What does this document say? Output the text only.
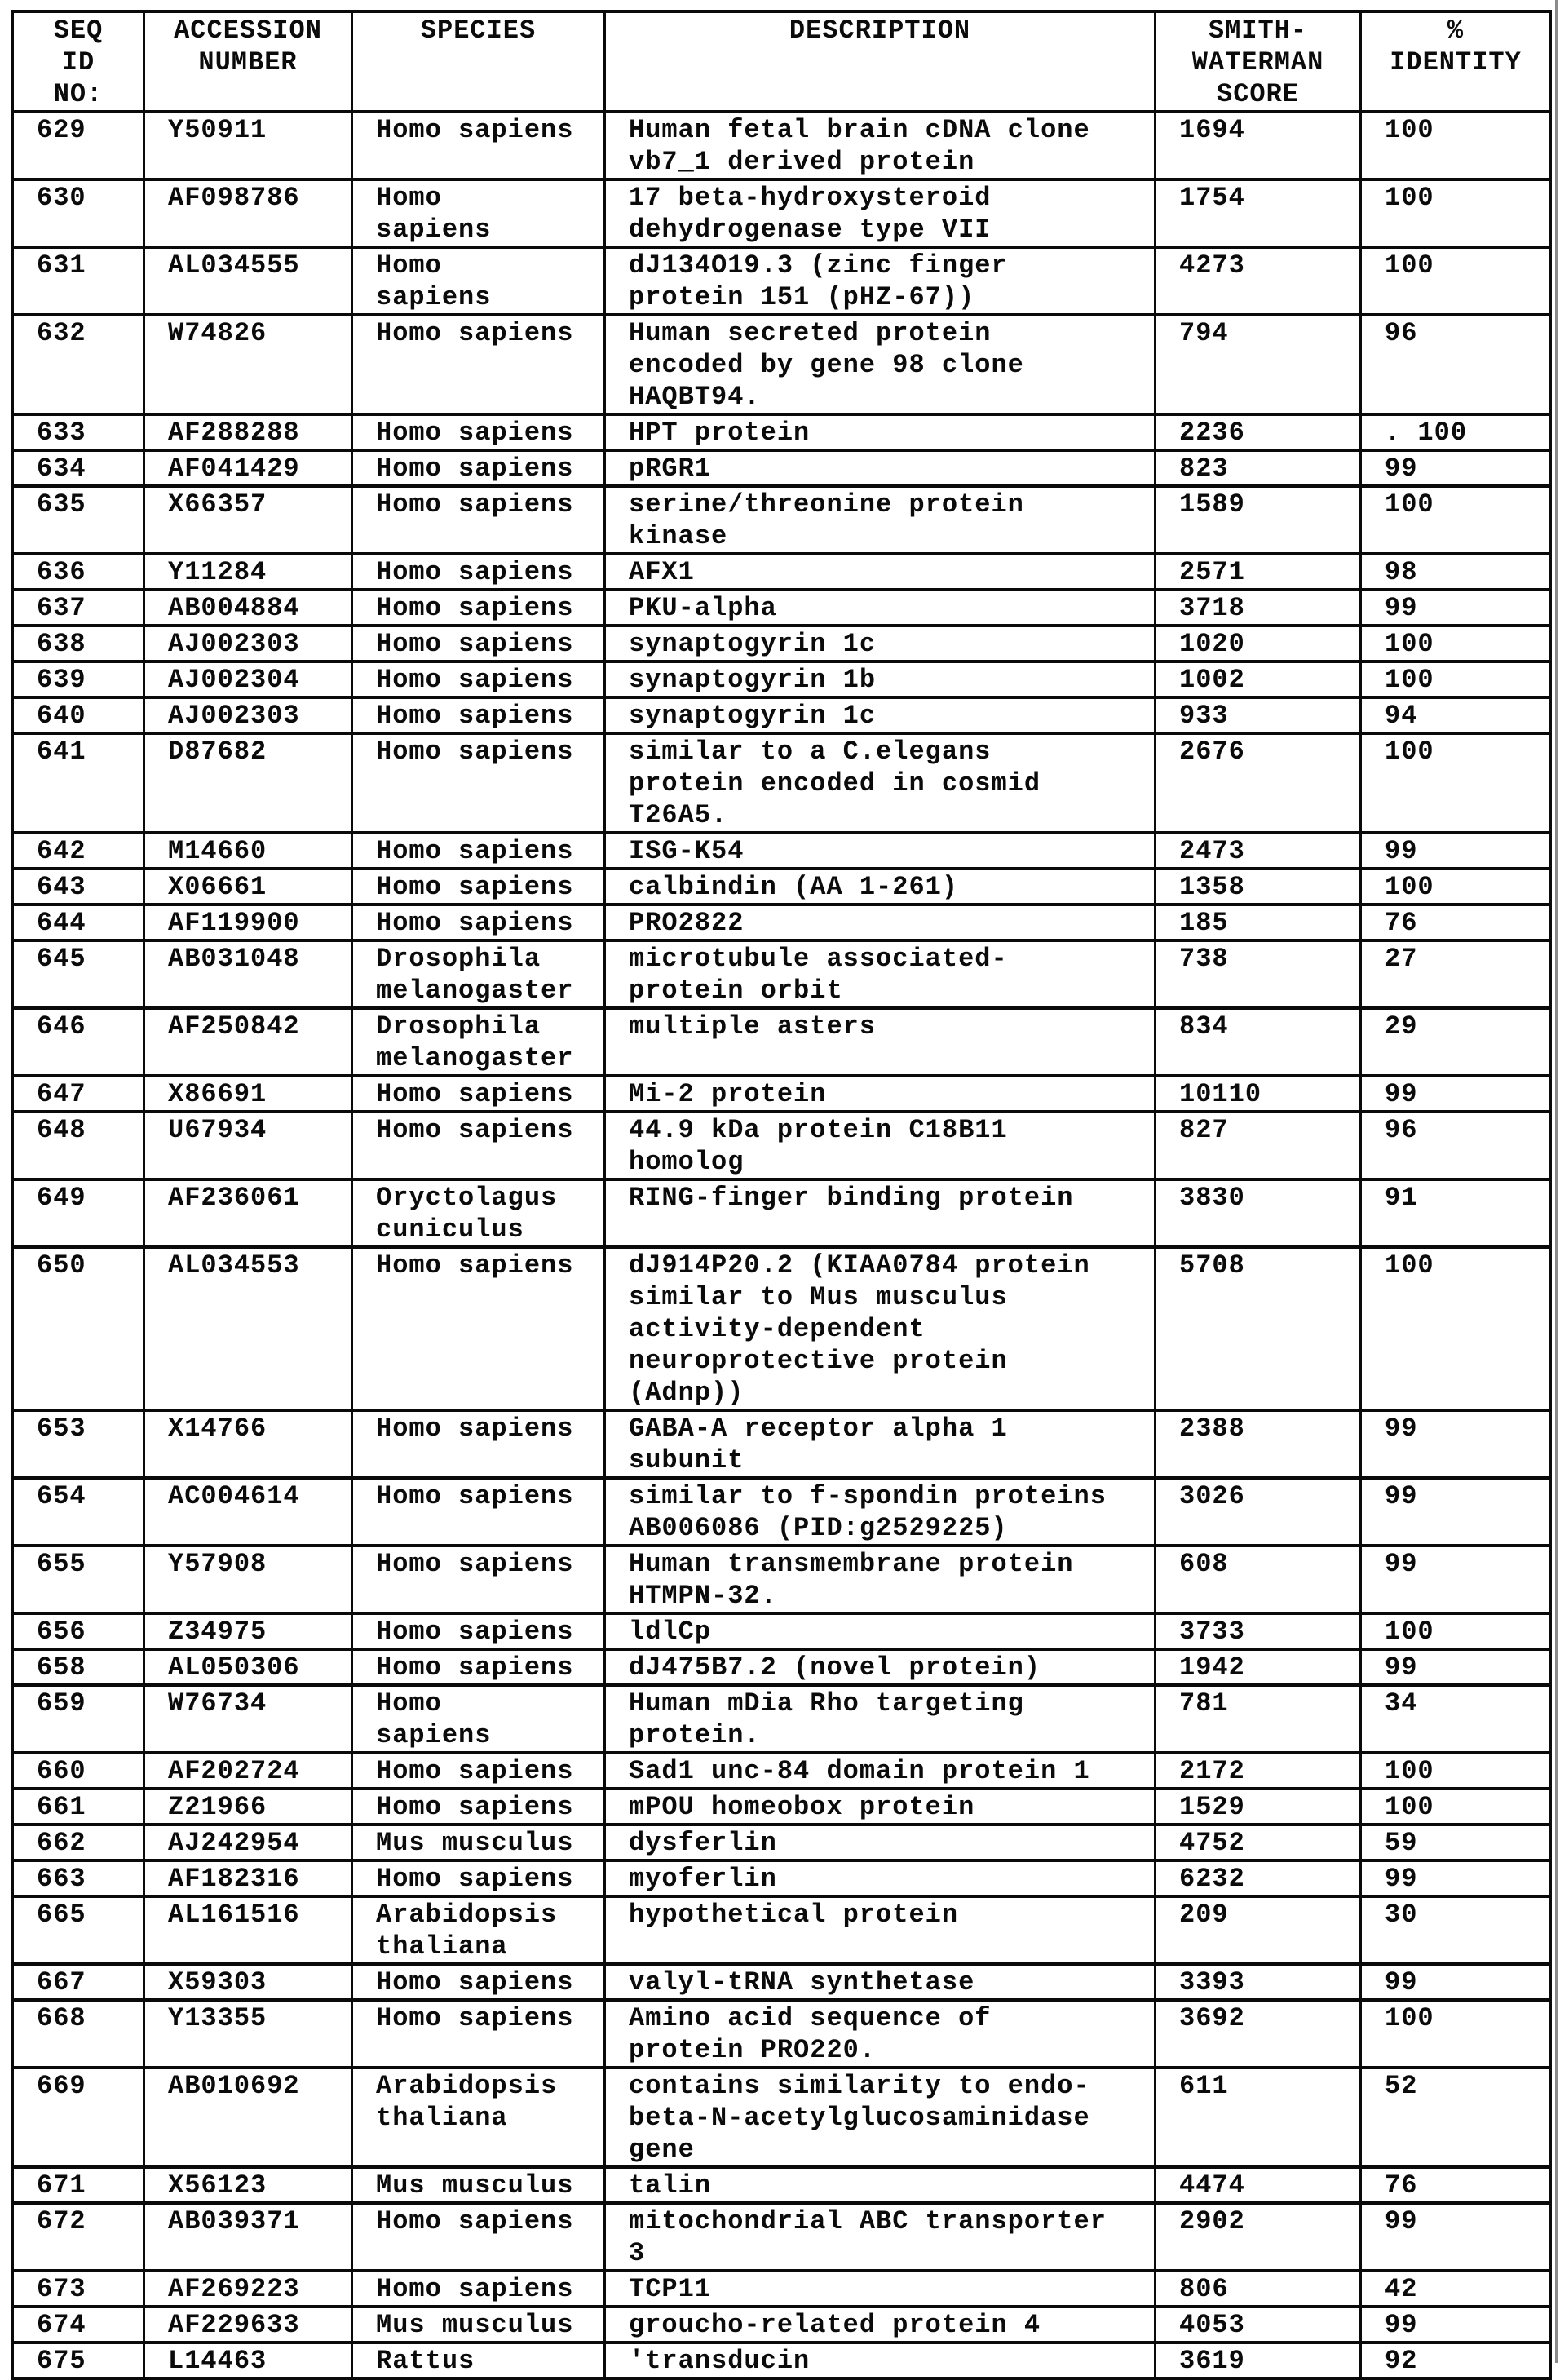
SEQ
ID
NO:	ACCESSION
NUMBER	SPECIES	DESCRIPTION	SMITH-
WATERMAN
SCORE	%
IDENTITY
629	Y50911	Homo sapiens	Human fetal brain cDNA clone
vb7_1 derived protein	1694	100
630	AF098786	Homo
sapiens	17 beta-hydroxysteroid
dehydrogenase type VII	1754	100
631	AL034555	Homo
sapiens	dJ134O19.3 (zinc finger
protein 151 (pHZ-67))	4273	100
632	W74826	Homo sapiens	Human secreted protein
encoded by gene 98 clone
HAQBT94.	794	96
633	AF288288	Homo sapiens	HPT protein	2236	. 100
634	AF041429	Homo sapiens	pRGR1	823	99
635	X66357	Homo sapiens	serine/threonine protein
kinase	1589	100
636	Y11284	Homo sapiens	AFX1	2571	98
637	AB004884	Homo sapiens	PKU-alpha	3718	99
638	AJ002303	Homo sapiens	synaptogyrin 1c	1020	100
639	AJ002304	Homo sapiens	synaptogyrin 1b	1002	100
640	AJ002303	Homo sapiens	synaptogyrin 1c	933	94
641	D87682	Homo sapiens	similar to a C.elegans
protein encoded in cosmid
T26A5.	2676	100
642	M14660	Homo sapiens	ISG-K54	2473	99
643	X06661	Homo sapiens	calbindin (AA 1-261)	1358	100
644	AF119900	Homo sapiens	PRO2822	185	76
645	AB031048	Drosophila
melanogaster	microtubule associated-
protein orbit	738	27
646	AF250842	Drosophila
melanogaster	multiple asters	834	29
647	X86691	Homo sapiens	Mi-2 protein	10110	99
648	U67934	Homo sapiens	44.9 kDa protein C18B11
homolog	827	96
649	AF236061	Oryctolagus
cuniculus	RING-finger binding protein	3830	91
650	AL034553	Homo sapiens	dJ914P20.2 (KIAA0784 protein
similar to Mus musculus
activity-dependent
neuroprotective protein
(Adnp))	5708	100
653	X14766	Homo sapiens	GABA-A receptor alpha 1
subunit	2388	99
654	AC004614	Homo sapiens	similar to f-spondin proteins
AB006086 (PID:g2529225)	3026	99
655	Y57908	Homo sapiens	Human transmembrane protein
HTMPN-32.	608	99
656	Z34975	Homo sapiens	ldlCp	3733	100
658	AL050306	Homo sapiens	dJ475B7.2 (novel protein)	1942	99
659	W76734	Homo
sapiens	Human mDia Rho targeting
protein.	781	34
660	AF202724	Homo sapiens	Sad1 unc-84 domain protein 1	2172	100
661	Z21966	Homo sapiens	mPOU homeobox protein	1529	100
662	AJ242954	Mus musculus	dysferlin	4752	59
663	AF182316	Homo sapiens	myoferlin	6232	99
665	AL161516	Arabidopsis
thaliana	hypothetical protein	209	30
667	X59303	Homo sapiens	valyl-tRNA synthetase	3393	99
668	Y13355	Homo sapiens	Amino acid sequence of
protein PRO220.	3692	100
669	AB010692	Arabidopsis
thaliana	contains similarity to endo-
beta-N-acetylglucosaminidase
gene	611	52
671	X56123	Mus musculus	talin	4474	76
672	AB039371	Homo sapiens	mitochondrial ABC transporter
3	2902	99
673	AF269223	Homo sapiens	TCP11	806	42
674	AF229633	Mus musculus	groucho-related protein 4	4053	99
675	L14463	Rattus	'transducin	3619	92
